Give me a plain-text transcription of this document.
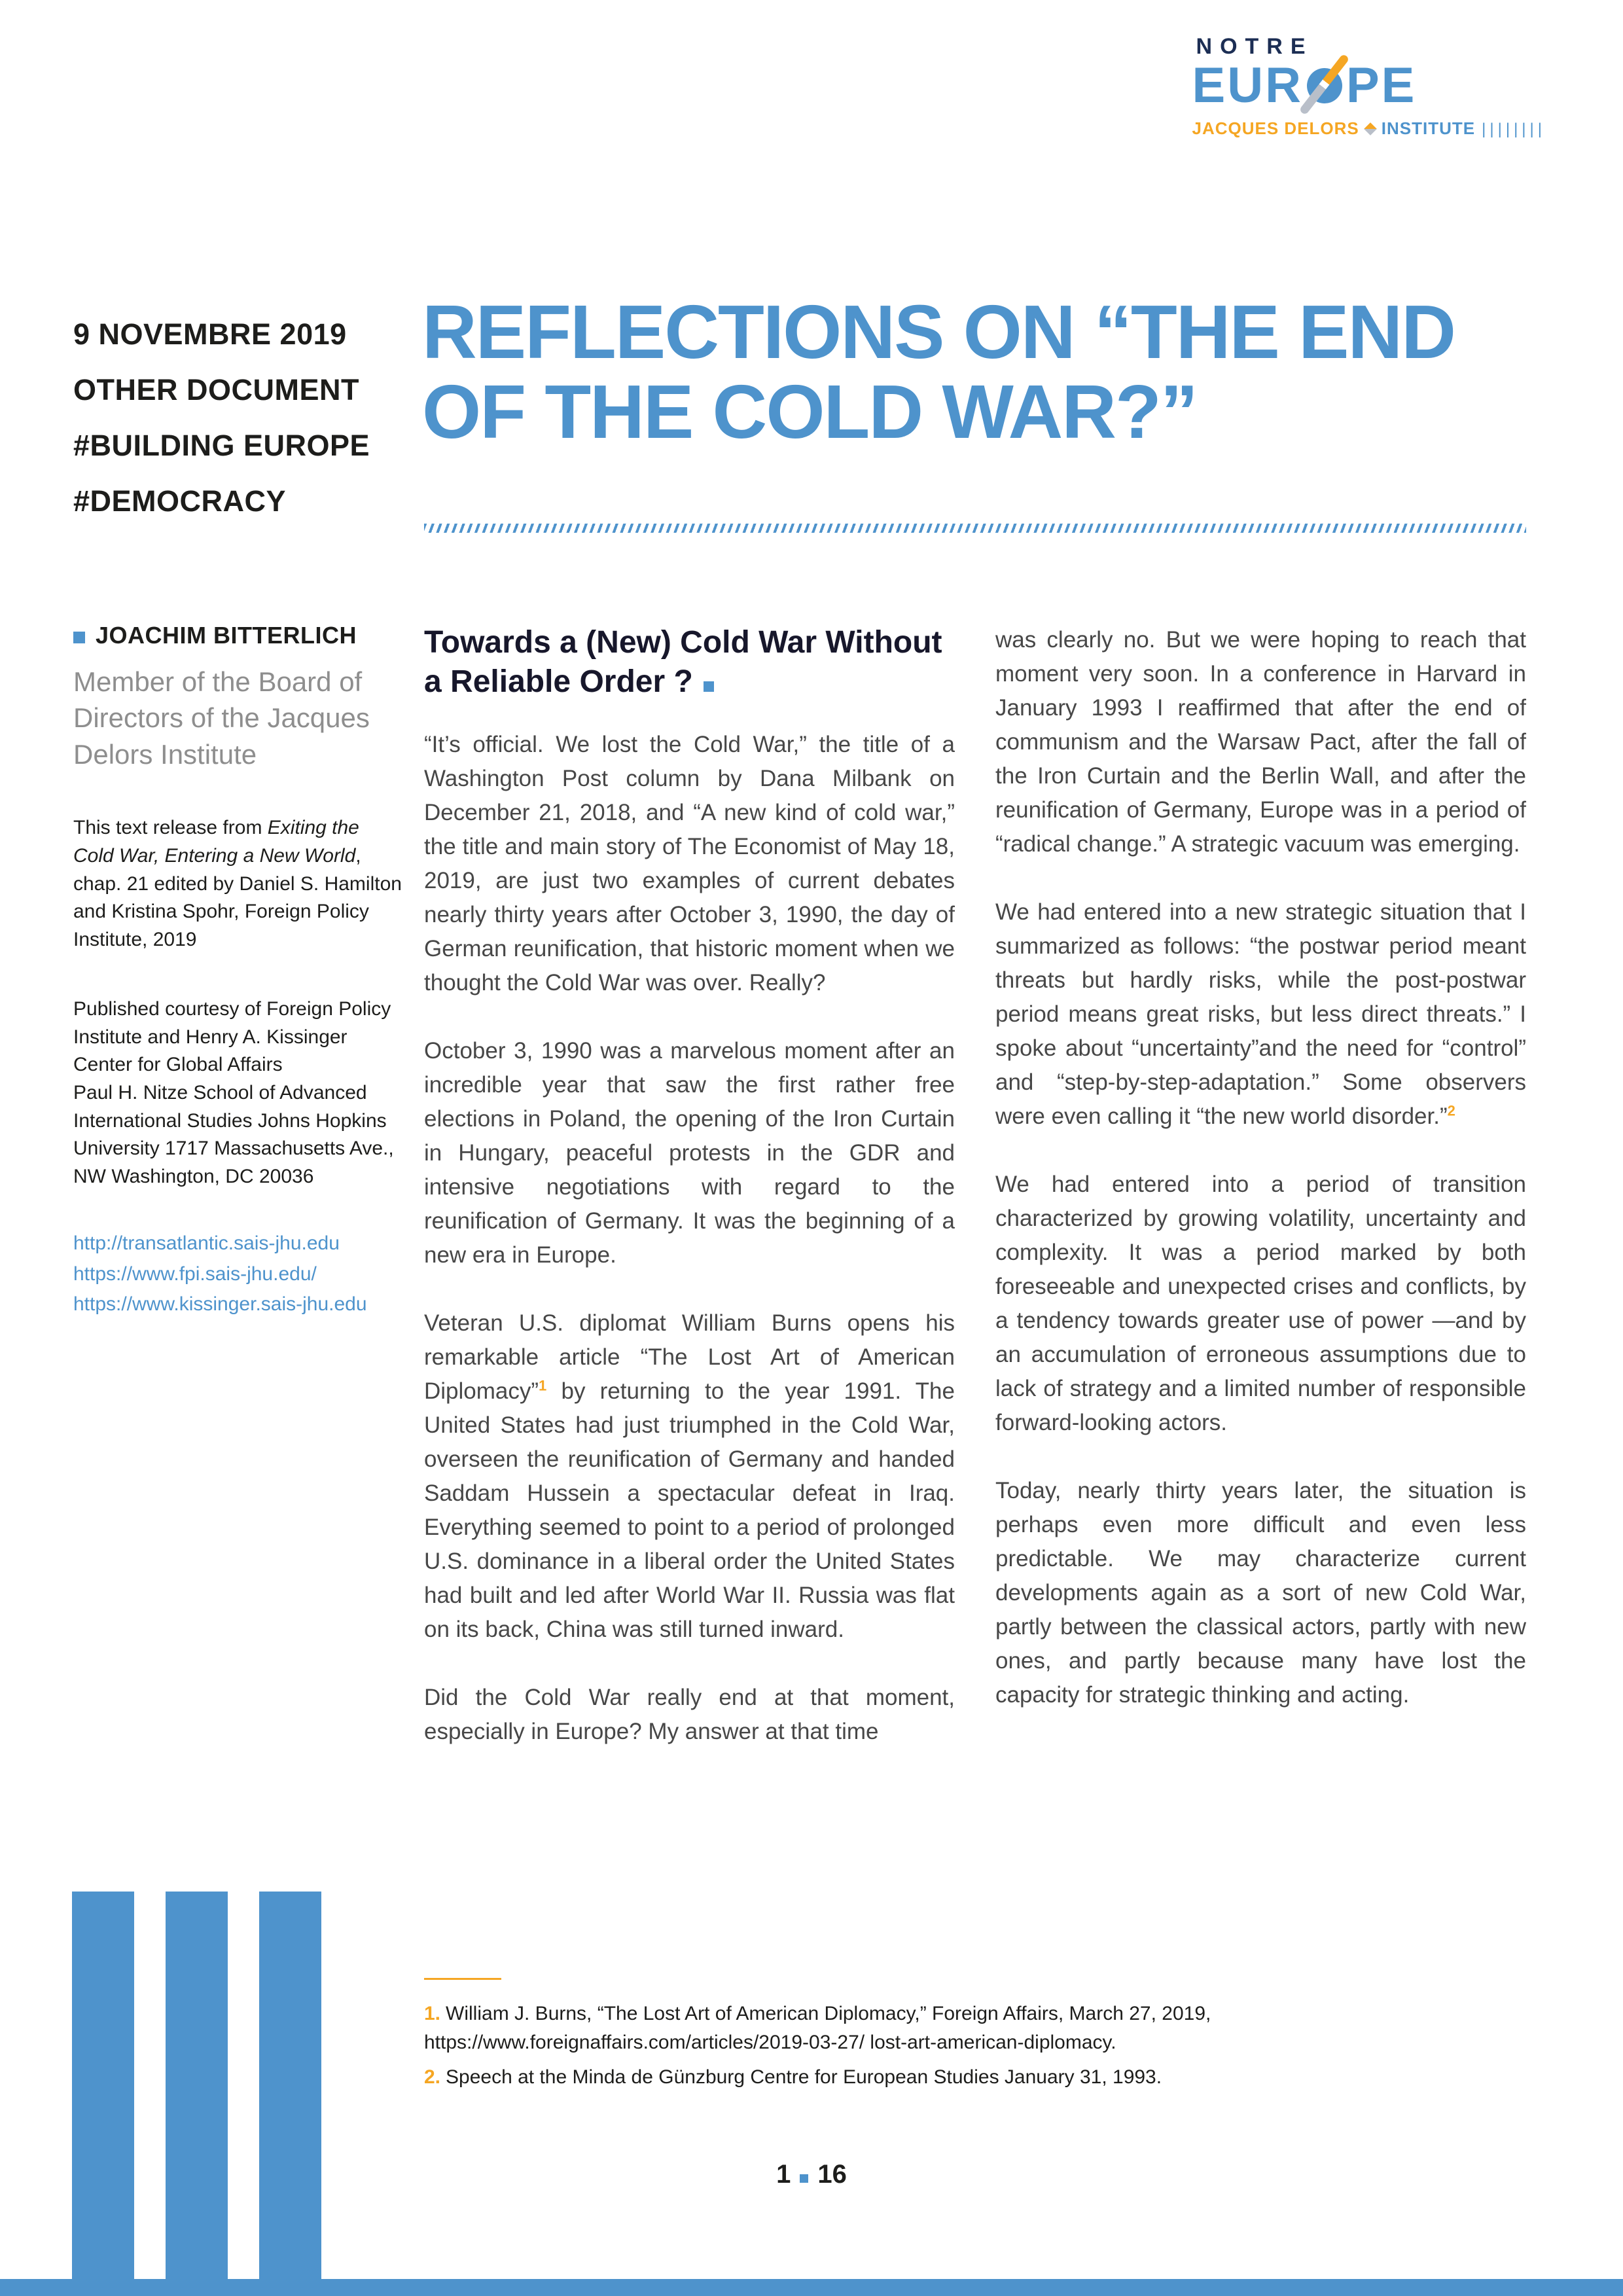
NOTRE
EUR PE
JACQUES DELORS INSTITUTE ||||||||
9 NOVEMBRE 2019
OTHER DOCUMENT
#BUILDING EUROPE
#DEMOCRACY
REFLECTIONS ON “THE END
OF THE COLD WAR?”
JOACHIM BITTERLICH

Member of the Board of Directors of the Jacques Delors Institute

This text release from Exiting the Cold War, Entering a New World, chap. 21 edited by Daniel S. Hamilton and Kristina Spohr, Foreign Policy Institute, 2019

Published courtesy of Foreign Policy Institute and Henry A. Kissinger Center for Global Affairs

Paul H. Nitze School of Advanced International Studies Johns Hopkins University 1717 Massachusetts Ave., NW Washington, DC 20036

http://transatlantic.sais-jhu.edu
https://www.fpi.sais-jhu.edu/
https://www.kissinger.sais-jhu.edu
Towards a (New) Cold War Without a Reliable Order ?

“It’s official. We lost the Cold War,” the title of a Washington Post column by Dana Milbank on December 21, 2018, and “A new kind of cold war,” the title and main story of The Economist of May 18, 2019, are just two examples of current debates nearly thirty years after October 3, 1990, the day of German reunification, that historic moment when we thought the Cold War was over. Really?

October 3, 1990 was a marvelous moment after an incredible year that saw the first rather free elections in Poland, the opening of the Iron Curtain in Hungary, peaceful protests in the GDR and intensive negotiations with regard to the reunification of Germany. It was the beginning of a new era in Europe.

Veteran U.S. diplomat William Burns opens his remarkable article “The Lost Art of American Diplomacy”$^1$ by returning to the year 1991. The United States had just triumphed in the Cold War, overseen the reunification of Germany and handed Saddam Hussein a spectacular defeat in Iraq. Everything seemed to point to a period of prolonged U.S. dominance in a liberal order the United States had built and led after World War II. Russia was flat on its back, China was still turned inward.

Did the Cold War really end at that moment, especially in Europe? My answer at that time

was clearly no. But we were hoping to reach that moment very soon. In a conference in Harvard in January 1993 I reaffirmed that after the end of communism and the Warsaw Pact, after the fall of the Iron Curtain and the Berlin Wall, and after the reunification of Germany, Europe was in a period of “radical change.” A strategic vacuum was emerging.

We had entered into a new strategic situation that I summarized as follows: “the postwar period meant threats but hardly risks, while the post-postwar period means great risks, but less direct threats.” I spoke about “uncertainty”and the need for “control” and “step-by-step-adaptation.” Some observers were even calling it “the new world disorder.”$^2$

We had entered into a period of transition characterized by growing volatility, uncertainty and complexity. It was a period marked by both foreseeable and unexpected crises and conflicts, by a tendency towards greater use of power —and by an accumulation of erroneous assumptions due to lack of strategy and a limited number of responsible forward-looking actors.

Today, nearly thirty years later, the situation is perhaps even more difficult and even less predictable. We may characterize current developments again as a sort of new Cold War, partly between the classical actors, partly with new ones, and partly because many have lost the capacity for strategic thinking and acting.

1. William J. Burns, “The Lost Art of American Diplomacy,” Foreign Affairs, March 27, 2019, https://www.foreignaffairs.com/articles/2019-03-27/ lost-art-american-diplomacy.

2. Speech at the Minda de Günzburg Centre for European Studies January 31, 1993.

1 16
